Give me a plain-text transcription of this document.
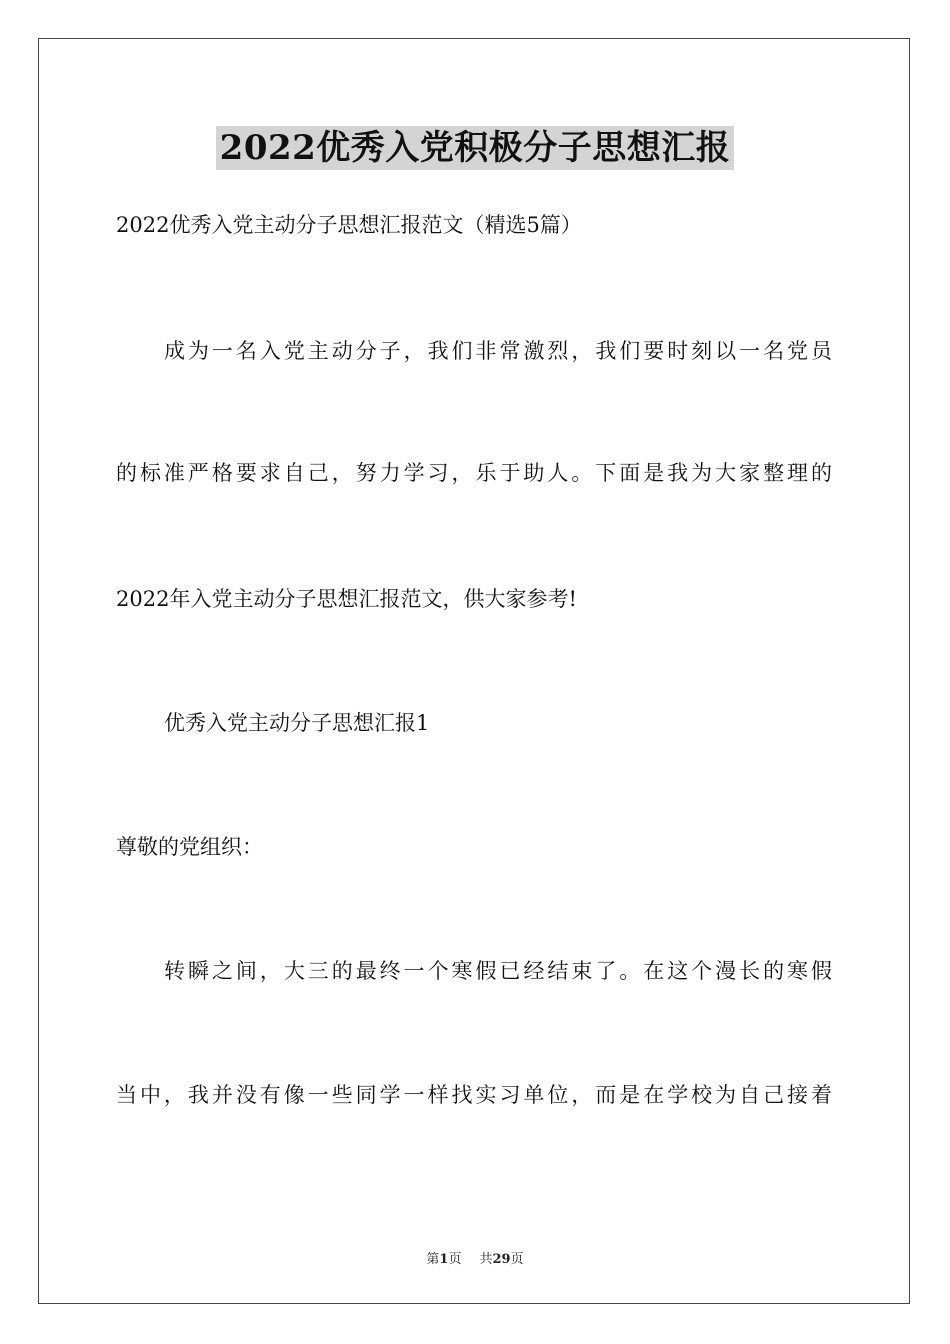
2022优秀入党积极分子思想汇报
2022优秀入党主动分子思想汇报范文（精选5篇）
成为一名入党主动分子，我们非常激烈，我们要时刻以一名党员
的标准严格要求自己，努力学习，乐于助人。下面是我为大家整理的
2022年入党主动分子思想汇报范文，供大家参考!
优秀入党主动分子思想汇报1
尊敬的党组织：
转瞬之间，大三的最终一个寒假已经结束了。在这个漫长的寒假
当中，我并没有像一些同学一样找实习单位，而是在学校为自己接着
第1页 共29页
